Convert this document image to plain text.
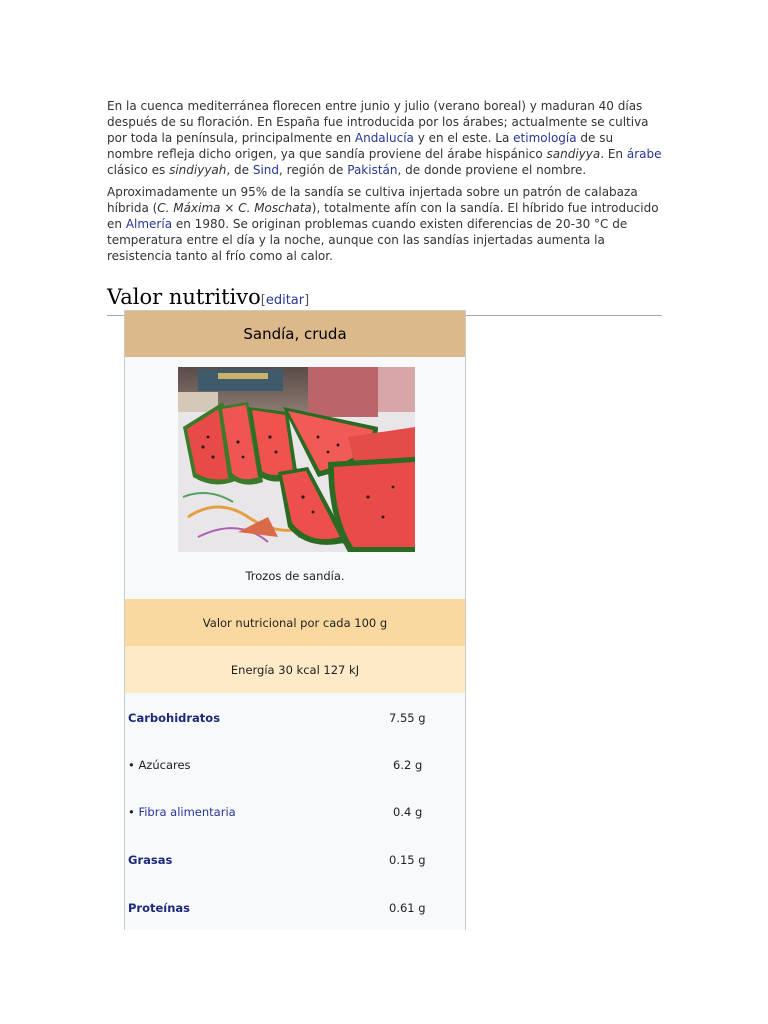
En la cuenca mediterránea florecen entre junio y julio (verano boreal) y maduran 40 días después de su floración. En España fue introducida por los árabes; actualmente se cultiva por toda la península, principalmente en Andalucía y en el este. La etimología de su nombre refleja dicho origen, ya que sandía proviene del árabe hispánico sandiyya. En árabe clásico es sindiyyah, de Sind, región de Pakistán, de donde proviene el nombre.

Aproximadamente un 95% de la sandía se cultiva injertada sobre un patrón de calabaza híbrida (C. Máxima × C. Moschata), totalmente afín con la sandía. El híbrido fue introducido en Almería en 1980. Se originan problemas cuando existen diferencias de 20-30 °C de temperatura entre el día y la noche, aunque con las sandías injertadas aumenta la resistencia tanto al frío como al calor.

Valor nutritivo[editar]
Sandía, cruda
Trozos de sandía.
Valor nutricional por cada 100 g
Energía 30 kcal 127 kJ
Carbohidratos	7.55 g
• Azúcares	6.2 g
• Fibra alimentaria	0.4 g
Grasas	0.15 g
Proteínas	0.61 g
